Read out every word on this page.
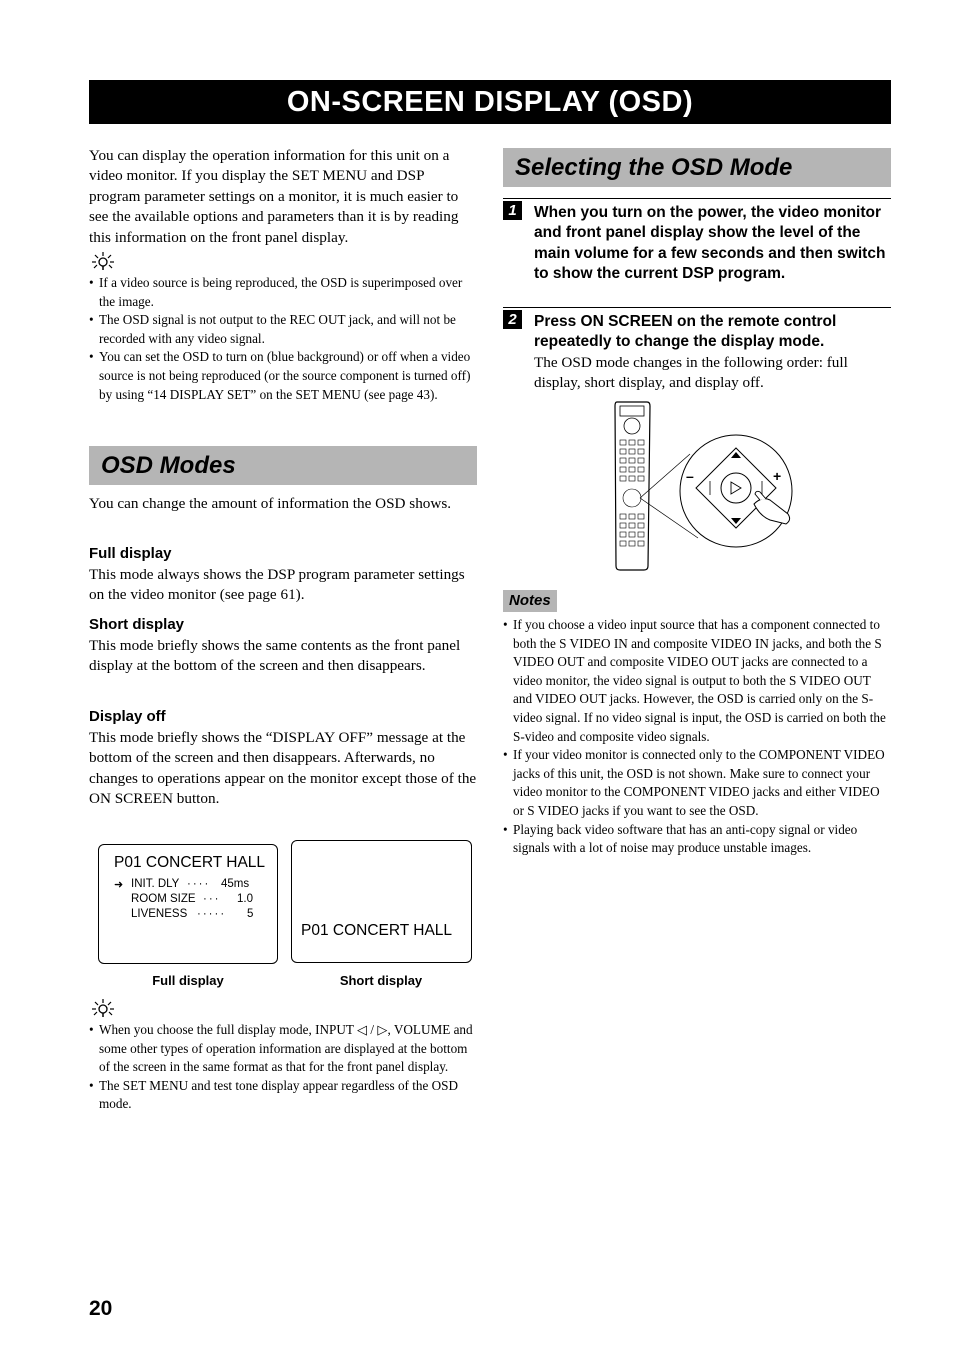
ON-SCREEN DISPLAY (OSD)
You can display the operation information for this unit on a video monitor. If you display the SET MENU and DSP program parameter settings on a monitor, it is much easier to see the available options and parameters than it is by reading this information on the front panel display.
• If a video source is being reproduced, the OSD is superimposed over the image.
• The OSD signal is not output to the REC OUT jack, and will not be recorded with any video signal.
• You can set the OSD to turn on (blue background) or off when a video source is not being reproduced (or the source component is turned off) by using “14 DISPLAY SET” on the SET MENU (see page 43).
OSD Modes
You can change the amount of information the OSD shows.
Full display
This mode always shows the DSP program parameter settings on the video monitor (see page 61).
Short display
This mode briefly shows the same contents as the front panel display at the bottom of the screen and then disappears.
Display off
This mode briefly shows the “DISPLAY OFF” message at the bottom of the screen and then disappears. Afterwards, no changes to operations appear on the monitor except those of the ON SCREEN button.
P01 CONCERT HALL
➜ INIT. DLY ···· 45ms
ROOM SIZE ··· 1.0
LIVENESS ····· 5
P01 CONCERT HALL
Full display	Short display
• When you choose the full display mode, INPUT ◁ / ▷, VOLUME and some other types of operation information are displayed at the bottom of the screen in the same format as that for the front panel display.
• The SET MENU and test tone display appear regardless of the OSD mode.
Selecting the OSD Mode
1	When you turn on the power, the video monitor and front panel display show the level of the main volume for a few seconds and then switch to show the current DSP program.
2	Press ON SCREEN on the remote control repeatedly to change the display mode.
The OSD mode changes in the following order: full display, short display, and display off.
–	+
Notes
• If you choose a video input source that has a component connected to both the S VIDEO IN and composite VIDEO IN jacks, and both the S VIDEO OUT and composite VIDEO OUT jacks are connected to a video monitor, the video signal is output to both the S VIDEO OUT and VIDEO OUT jacks. However, the OSD is carried only on the S-video signal. If no video signal is input, the OSD is carried on both the S-video and composite video signals.
• If your video monitor is connected only to the COMPONENT VIDEO jacks of this unit, the OSD is not shown. Make sure to connect your video monitor to the COMPONENT VIDEO jacks and either VIDEO or S VIDEO jacks if you want to see the OSD.
• Playing back video software that has an anti-copy signal or video signals with a lot of noise may produce unstable images.
20
